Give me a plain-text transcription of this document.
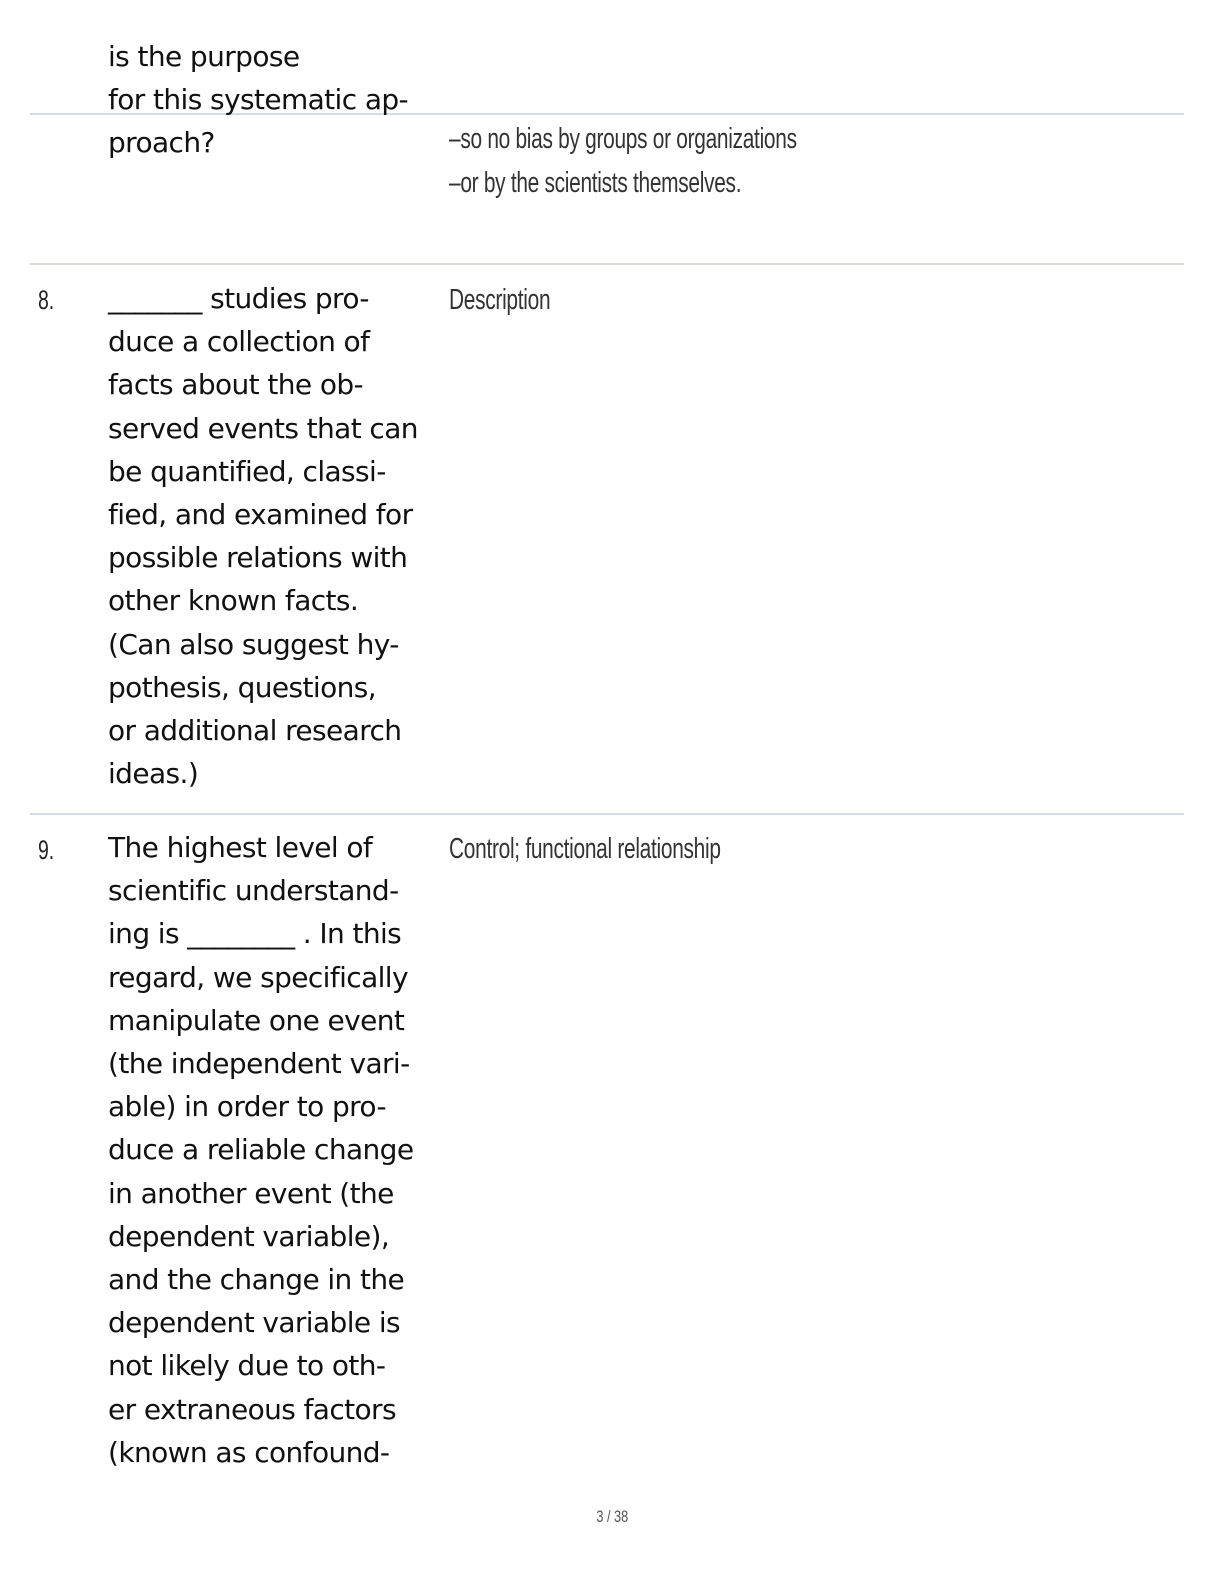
is the purpose
for this systematic ap-
proach?	–so no bias by groups or organizations
–or by the scientists themselves.
8. _______ studies pro-
duce a collection of
facts about the ob-
served events that can
be quantified, classi-
fied, and examined for
possible relations with
other known facts.
(Can also suggest hy-
pothesis, questions,
or additional research
ideas.)
Description
9. The highest level of
scientific understand-
ing is ________ . In this
regard, we specifically
manipulate one event
(the independent vari-
able) in order to pro-
duce a reliable change
in another event (the
dependent variable),
and the change in the
dependent variable is
not likely due to oth-
er extraneous factors
(known as confound-
Control; functional relationship
3 / 38
